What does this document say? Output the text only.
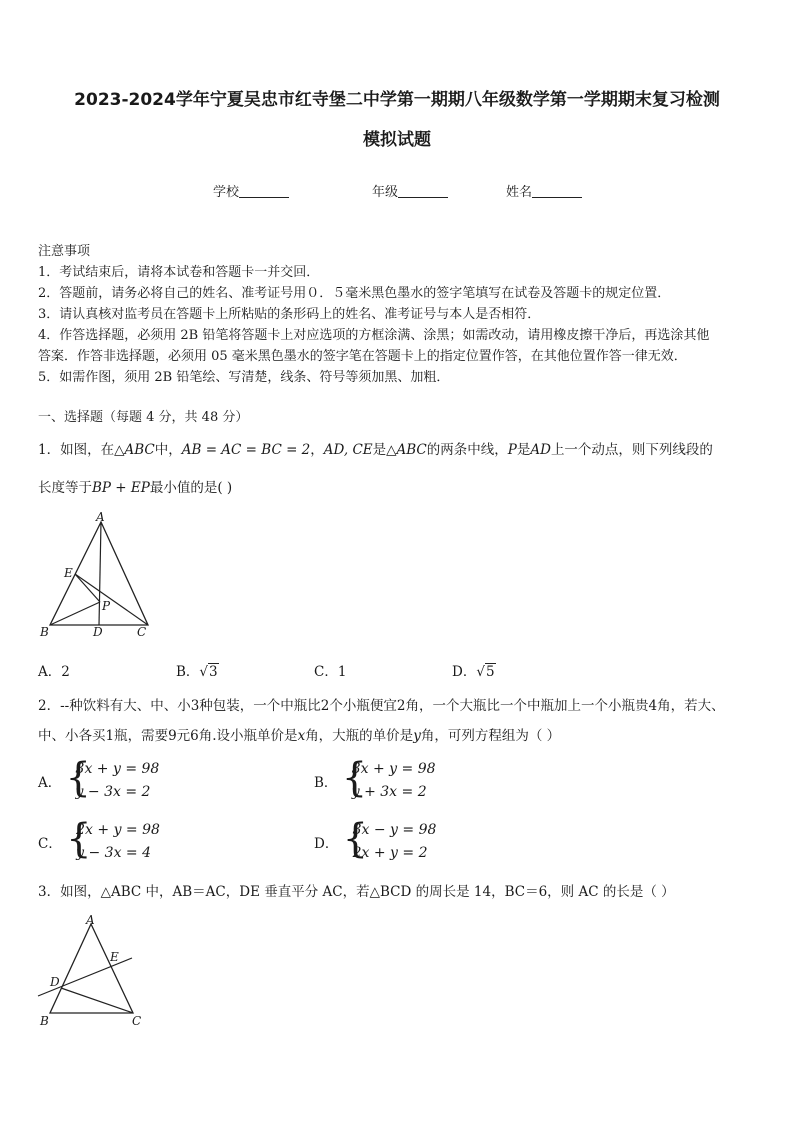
2023-2024学年宁夏吴忠市红寺堡二中学第一期期八年级数学第一学期期末复习检测
模拟试题
学校	年级	姓名
注意事项
1．考试结束后，请将本试卷和答题卡一并交回．
2．答题前，请务必将自己的姓名、准考证号用０．５毫米黑色墨水的签字笔填写在试卷及答题卡的规定位置．
3．请认真核对监考员在答题卡上所粘贴的条形码上的姓名、准考证号与本人是否相符．
4．作答选择题，必须用 2B 铅笔将答题卡上对应选项的方框涂满、涂黑；如需改动，请用橡皮擦干净后，再选涂其他
答案．作答非选择题，必须用 05 毫米黑色墨水的签字笔在答题卡上的指定位置作答，在其他位置作答一律无效．
5．如需作图，须用 2B 铅笔绘、写清楚，线条、符号等须加黑、加粗．
一、选择题（每题 4 分，共 48 分）
1．如图，在△ABC中，AB = AC = BC = 2，AD, CE是△ABC的两条中线，P是AD上一个动点，则下列线段的
长度等于BP + EP最小值的是( )
A
B	C
D
E
P
A．2	B．√3	C．1	D．√5
2．--种饮料有大、中、小3种包装，一个中瓶比2个小瓶便宜2角，一个大瓶比一个中瓶加上一个小瓶贵4角，若大、
中、小各买1瓶，需要9元6角.设小瓶单价是x角，大瓶的单价是y角，可列方程组为（ ）
A． {
3x + y = 98
y − 3x = 2
B． {
3x + y = 98
y + 3x = 2
C． {
2x + y = 98
y − 3x = 4
D． {
3x − y = 98
2x + y = 2
3．如图，△ABC 中，AB＝AC，DE 垂直平分 AC，若△BCD 的周长是 14，BC＝6，则 AC 的长是（ ）
A
B	C
D
E
